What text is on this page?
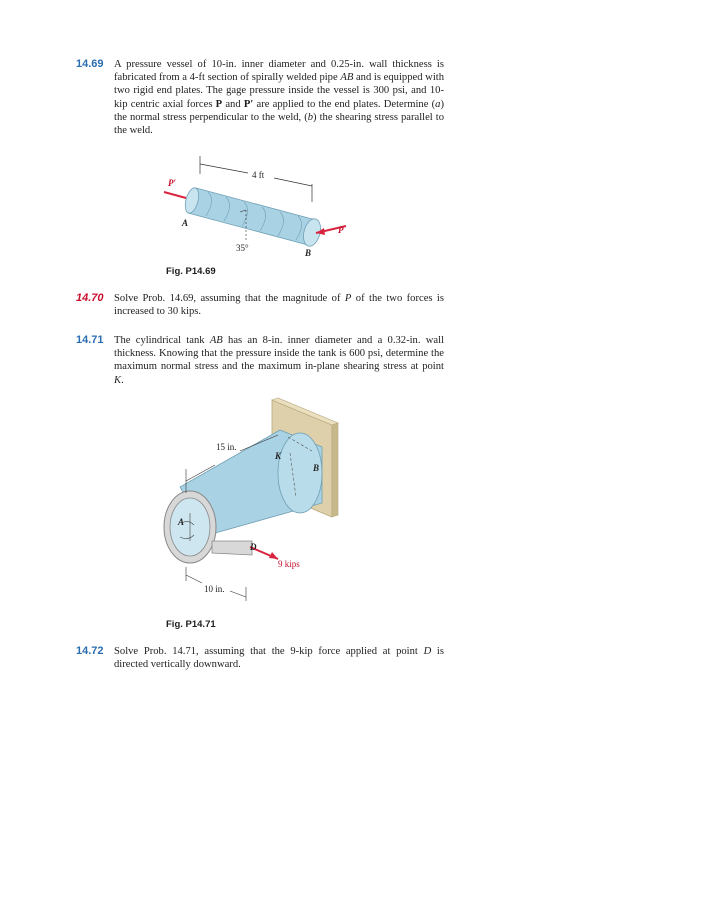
14.69 A pressure vessel of 10-in. inner diameter and 0.25-in. wall thickness is fabricated from a 4-ft section of spirally welded pipe AB and is equipped with two rigid end plates. The gage pressure inside the vessel is 300 psi, and 10-kip centric axial forces P and P′ are applied to the end plates. Determine (a) the normal stress perpendicular to the weld, (b) the shearing stress parallel to the weld.
4 ft
P′
P
A
B
35°
Fig. P14.69
14.70 Solve Prob. 14.69, assuming that the magnitude of P of the two forces is increased to 30 kips.
14.71 The cylindrical tank AB has an 8-in. inner diameter and a 0.32-in. wall thickness. Knowing that the pressure inside the tank is 600 psi, determine the maximum normal stress and the maximum in-plane shearing stress at point K.
15 in.
10 in.
K
B
A
D
9 kips
Fig. P14.71
14.72 Solve Prob. 14.71, assuming that the 9-kip force applied at point D is directed vertically downward.
